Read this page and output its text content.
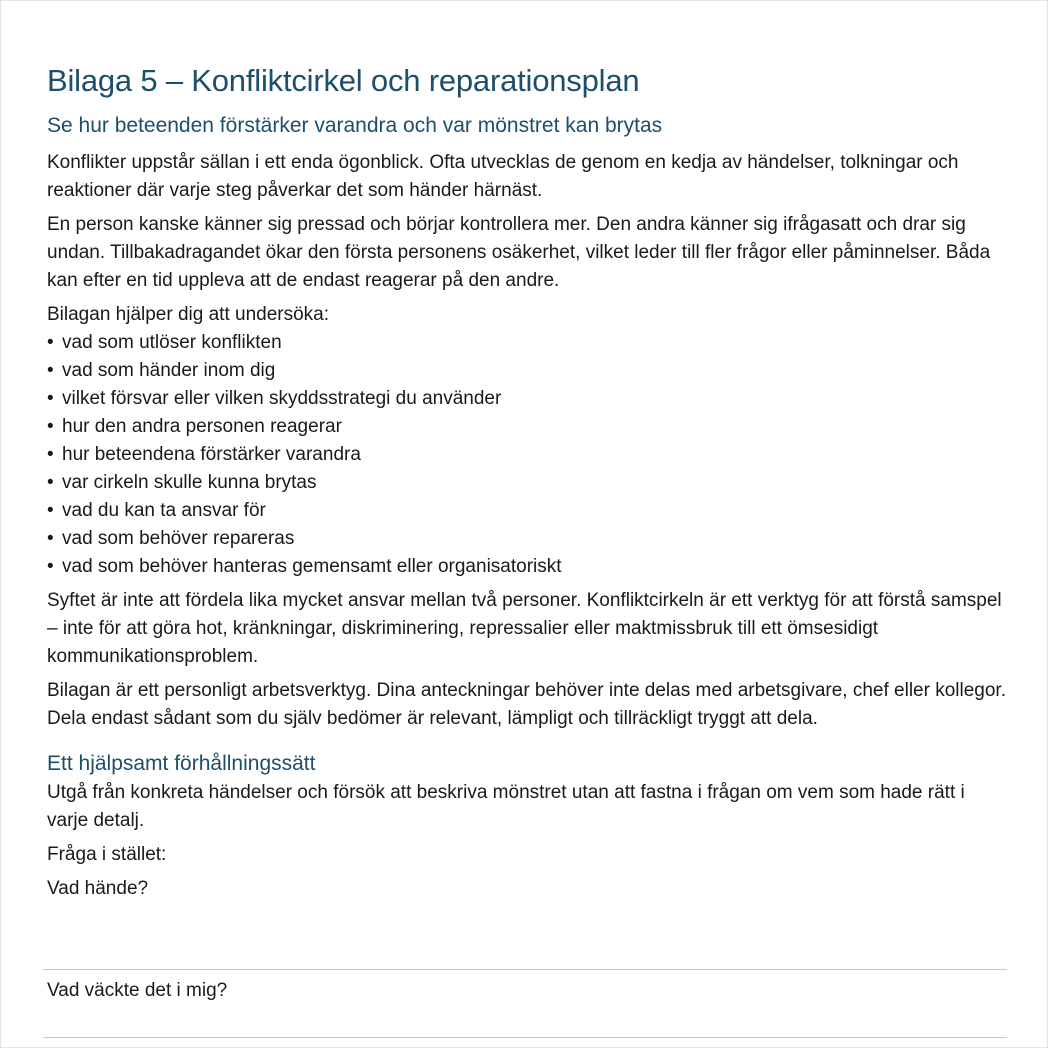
Bilaga 5 – Konfliktcirkel och reparationsplan
Se hur beteenden förstärker varandra och var mönstret kan brytas

Konflikter uppstår sällan i ett enda ögonblick. Ofta utvecklas de genom en kedja av händelser, tolkningar och reaktioner där varje steg påverkar det som händer härnäst.

En person kanske känner sig pressad och börjar kontrollera mer. Den andra känner sig ifrågasatt och drar sig undan. Tillbakadragandet ökar den första personens osäkerhet, vilket leder till fler frågor eller påminnelser. Båda kan efter en tid uppleva att de endast reagerar på den andre.

Bilagan hjälper dig att undersöka:

• vad som utlöser konflikten
• vad som händer inom dig
• vilket försvar eller vilken skyddsstrategi du använder
• hur den andra personen reagerar
• hur beteendena förstärker varandra
• var cirkeln skulle kunna brytas
• vad du kan ta ansvar för
• vad som behöver repareras
• vad som behöver hanteras gemensamt eller organisatoriskt

Syftet är inte att fördela lika mycket ansvar mellan två personer. Konfliktcirkeln är ett verktyg för att förstå samspel – inte för att göra hot, kränkningar, diskriminering, repressalier eller maktmissbruk till ett ömsesidigt kommunikationsproblem.

Bilagan är ett personligt arbetsverktyg. Dina anteckningar behöver inte delas med arbetsgivare, chef eller kollegor. Dela endast sådant som du själv bedömer är relevant, lämpligt och tillräckligt tryggt att dela.

Ett hjälpsamt förhållningssätt

Utgå från konkreta händelser och försök att beskriva mönstret utan att fastna i frågan om vem som hade rätt i varje detalj.

Fråga i stället:

Vad hände?

Vad väckte det i mig?
